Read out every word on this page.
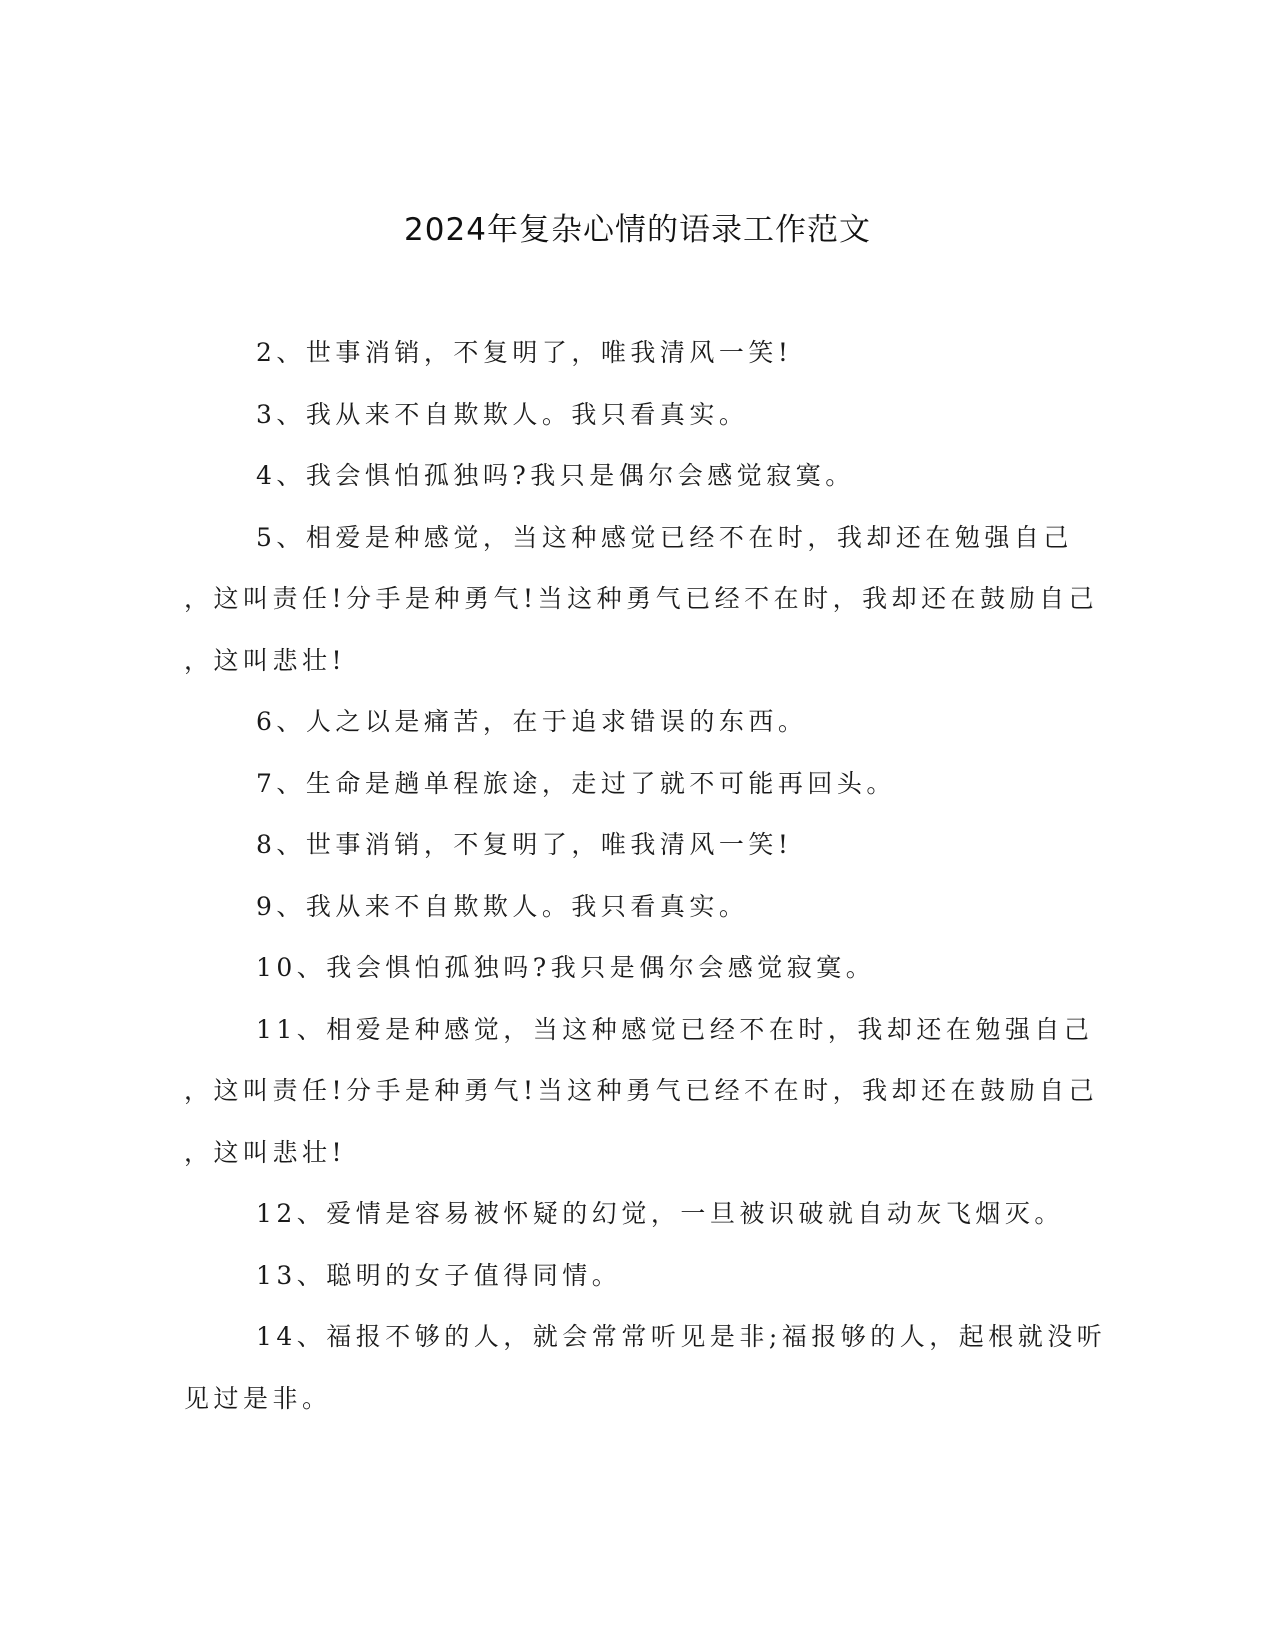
2024年复杂心情的语录工作范文

2、世事消销，不复明了，唯我清风一笑!

3、我从来不自欺欺人。我只看真实。

4、我会惧怕孤独吗?我只是偶尔会感觉寂寞。

5、相爱是种感觉，当这种感觉已经不在时，我却还在勉强自己

，这叫责任!分手是种勇气!当这种勇气已经不在时，我却还在鼓励自己

，这叫悲壮!

6、人之以是痛苦，在于追求错误的东西。

7、生命是趟单程旅途，走过了就不可能再回头。

8、世事消销，不复明了，唯我清风一笑!

9、我从来不自欺欺人。我只看真实。

10、我会惧怕孤独吗?我只是偶尔会感觉寂寞。

11、相爱是种感觉，当这种感觉已经不在时，我却还在勉强自己

，这叫责任!分手是种勇气!当这种勇气已经不在时，我却还在鼓励自己

，这叫悲壮!

12、爱情是容易被怀疑的幻觉，一旦被识破就自动灰飞烟灭。

13、聪明的女子值得同情。

14、福报不够的人，就会常常听见是非;福报够的人，起根就没听

见过是非。
